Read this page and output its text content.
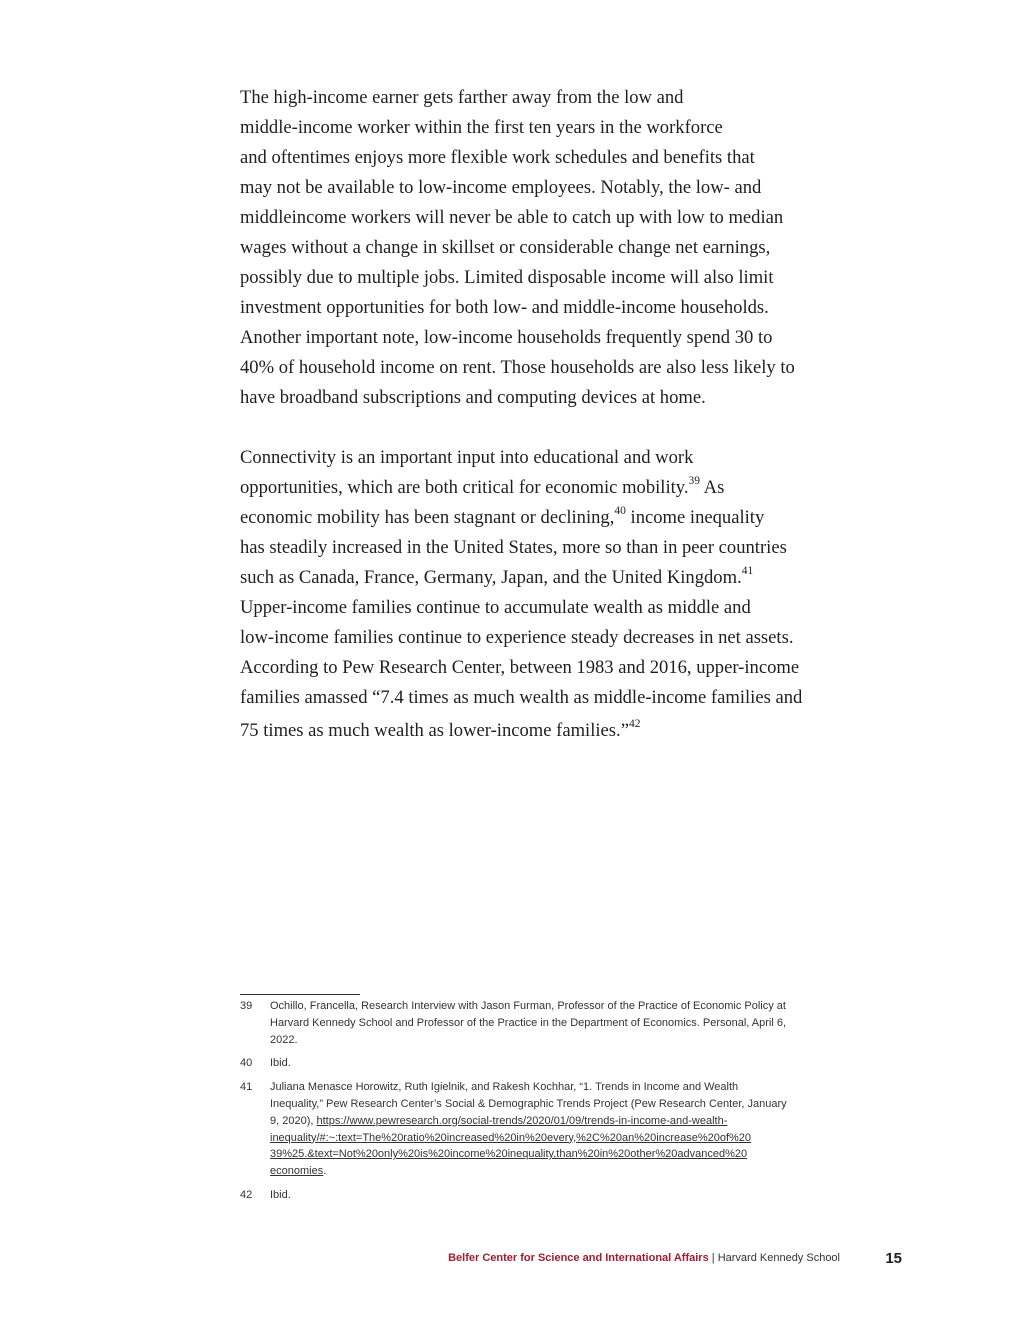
The high-income earner gets farther away from the low and
middle-income worker within the first ten years in the workforce
and oftentimes enjoys more flexible work schedules and benefits that
may not be available to low-income employees. Notably, the low- and
middleincome workers will never be able to catch up with low to median
wages without a change in skillset or considerable change net earnings,
possibly due to multiple jobs. Limited disposable income will also limit
investment opportunities for both low- and middle-income households.
Another important note, low-income households frequently spend 30 to
40% of household income on rent. Those households are also less likely to
have broadband subscriptions and computing devices at home.
Connectivity is an important input into educational and work
opportunities, which are both critical for economic mobility.$^{39}$ As
economic mobility has been stagnant or declining,$^{40}$ income inequality
has steadily increased in the United States, more so than in peer countries
such as Canada, France, Germany, Japan, and the United Kingdom.$^{41}$
Upper-income families continue to accumulate wealth as middle and
low-income families continue to experience steady decreases in net assets.
According to Pew Research Center, between 1983 and 2016, upper-income
families amassed “7.4 times as much wealth as middle-income families and
75 times as much wealth as lower-income families.”$^{42}$
39	Ochillo, Francella, Research Interview with Jason Furman, Professor of the Practice of Economic Policy at
Harvard Kennedy School and Professor of the Practice in the Department of Economics. Personal, April 6,
2022.
40	Ibid.
41	Juliana Menasce Horowitz, Ruth Igielnik, and Rakesh Kochhar, “1. Trends in Income and Wealth
Inequality,” Pew Research Center’s Social & Demographic Trends Project (Pew Research Center, January
9, 2020), https://www.pewresearch.org/social-trends/2020/01/09/trends-in-income-and-wealth-
inequality/#:~:text=The%20ratio%20increased%20in%20every,%2C%20an%20increase%20of%20
39%25.&text=Not%20only%20is%20income%20inequality,than%20in%20other%20advanced%20
economies.
42	Ibid.
Belfer Center for Science and International Affairs | Harvard Kennedy School	15
